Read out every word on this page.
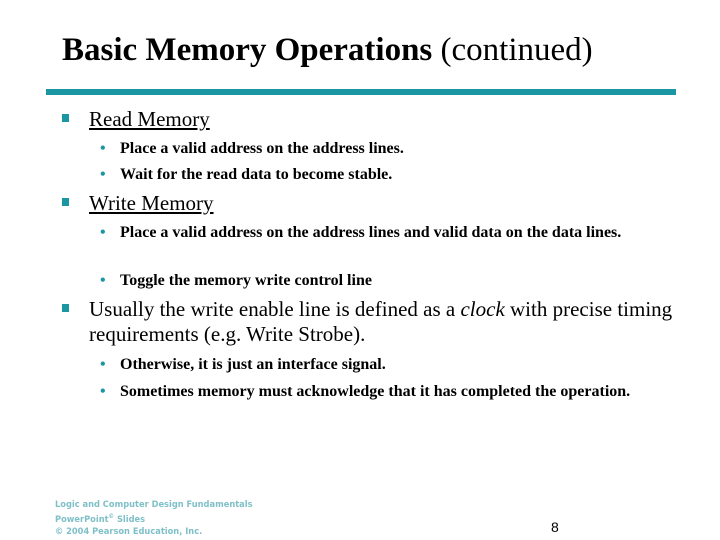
Basic Memory Operations (continued)
Read Memory
• Place a valid address on the address lines.
• Wait for the read data to become stable.
Write Memory
• Place a valid address on the address lines and valid data on the data lines.
• Toggle the memory write control line
Usually the write enable line is defined as a clock with precise timing requirements (e.g. Write Strobe).
• Otherwise, it is just an interface signal.
• Sometimes memory must acknowledge that it has completed the operation.
Logic and Computer Design Fundamentals
PowerPoint© Slides
© 2004 Pearson Education, Inc.	8
